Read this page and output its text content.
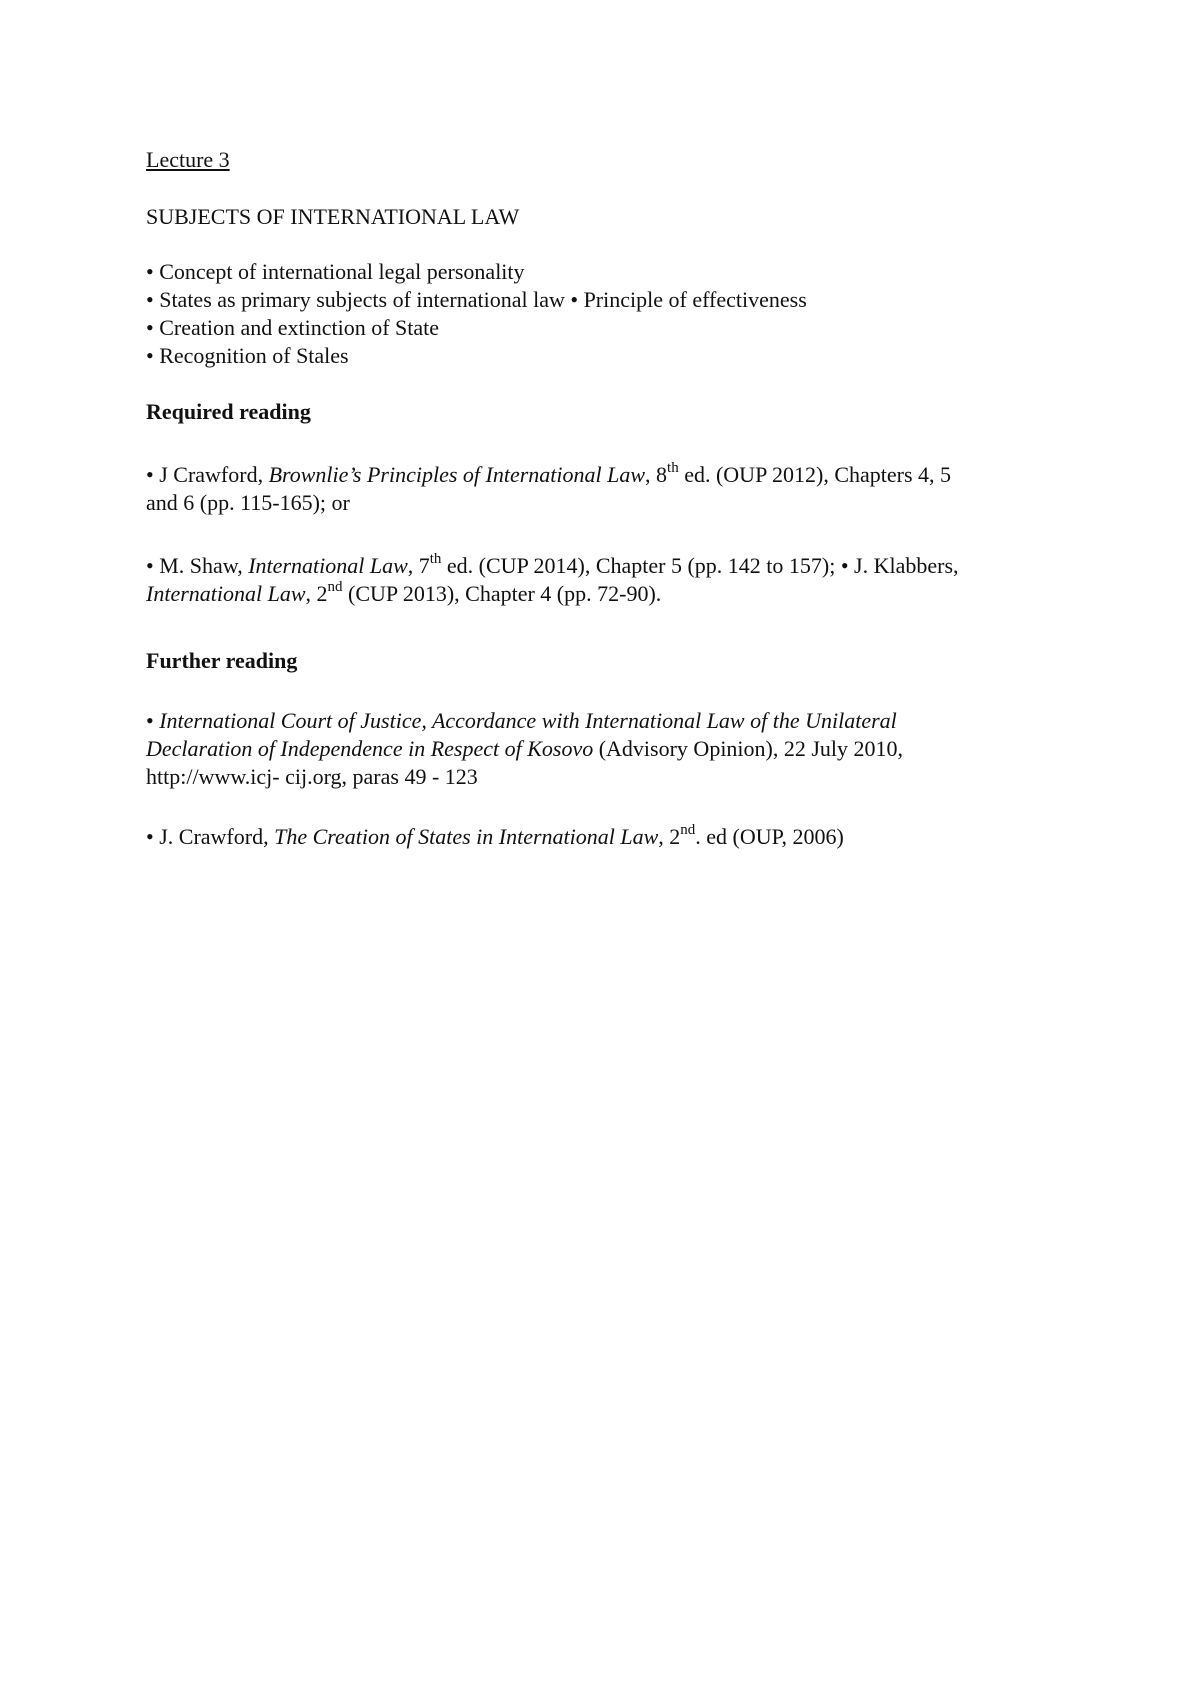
Lecture 3

SUBJECTS OF INTERNATIONAL LAW

• Concept of international legal personality
• States as primary subjects of international law • Principle of effectiveness
• Creation and extinction of State
• Recognition of Stales

Required reading

• J Crawford, Brownlie’s Principles of International Law, 8th ed. (OUP 2012), Chapters 4, 5
and 6 (pp. 115-165); or
• M. Shaw, International Law, 7th ed. (CUP 2014), Chapter 5 (pp. 142 to 157); • J. Klabbers,
International Law, 2nd (CUP 2013), Chapter 4 (pp. 72-90).

Further reading

• International Court of Justice, Accordance with International Law of the Unilateral
Declaration of Independence in Respect of Kosovo (Advisory Opinion), 22 July 2010,
http://www.icj- cij.org, paras 49 - 123
• J. Crawford, The Creation of States in International Law, 2nd. ed (OUP, 2006)
